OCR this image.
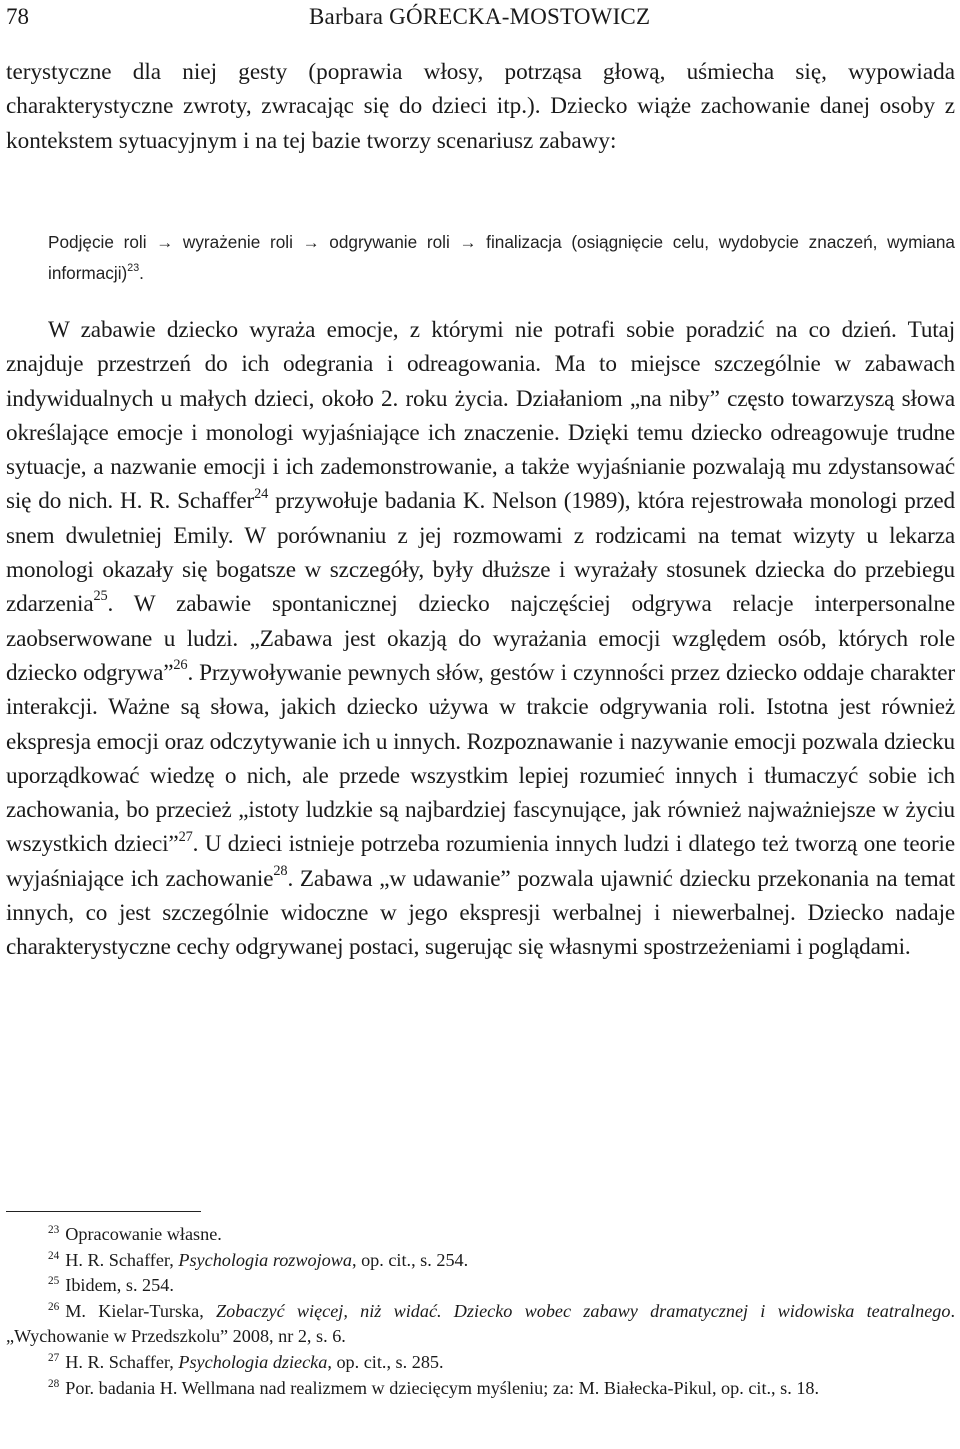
78	Barbara GÓRECKA-MOSTOWICZ

terystyczne dla niej gesty (poprawia włosy, potrząsa głową, uśmiecha się, wypowiada charakterystyczne zwroty, zwracając się do dzieci itp.). Dziecko wiąże zachowanie danej osoby z kontekstem sytuacyjnym i na tej bazie tworzy scenariusz zabawy:

Podjęcie roli → wyrażenie roli → odgrywanie roli → finalizacja (osiągnięcie celu, wydobycie znaczeń, wymiana informacji)$^{23}$.

W zabawie dziecko wyraża emocje, z którymi nie potrafi sobie poradzić na co dzień. Tutaj znajduje przestrzeń do ich odegrania i odreagowania. Ma to miejsce szczególnie w zabawach indywidualnych u małych dzieci, około 2. roku życia. Działaniom „na niby” często towarzyszą słowa określające emocje i monologi wyjaśniające ich znaczenie. Dzięki temu dziecko odreagowuje trudne sytuacje, a nazwanie emocji i ich zademonstrowanie, a także wyjaśnianie pozwalają mu zdystansować się do nich. H. R. Schaffer$^{24}$ przywołuje badania K. Nelson (1989), która rejestrowała monologi przed snem dwuletniej Emily. W porównaniu z jej rozmowami z rodzicami na temat wizyty u lekarza monologi okazały się bogatsze w szczegóły, były dłuższe i wyrażały stosunek dziecka do przebiegu zdarzenia$^{25}$. W zabawie spontanicznej dziecko najczęściej odgrywa relacje interpersonalne zaobserwowane u ludzi. „Zabawa jest okazją do wyrażania emocji względem osób, których role dziecko odgrywa”$^{26}$. Przywoływanie pewnych słów, gestów i czynności przez dziecko oddaje charakter interakcji. Ważne są słowa, jakich dziecko używa w trakcie odgrywania roli. Istotna jest również ekspresja emocji oraz odczytywanie ich u innych. Rozpoznawanie i nazywanie emocji pozwala dziecku uporządkować wiedzę o nich, ale przede wszystkim lepiej rozumieć innych i tłumaczyć sobie ich zachowania, bo przecież „istoty ludzkie są najbardziej fascynujące, jak również najważniejsze w życiu wszystkich dzieci”$^{27}$. U dzieci istnieje potrzeba rozumienia innych ludzi i dlatego też tworzą one teorie wyjaśniające ich zachowanie$^{28}$. Zabawa „w udawanie” pozwala ujawnić dziecku przekonania na temat innych, co jest szczególnie widoczne w jego ekspresji werbalnej i niewerbalnej. Dziecko nadaje charakterystyczne cechy odgrywanej postaci, sugerując się własnymi spostrzeżeniami i poglądami.

$^{23}$ Opracowanie własne.

$^{24}$ H. R. Schaffer, Psychologia rozwojowa, op. cit., s. 254.

$^{25}$ Ibidem, s. 254.

$^{26}$ M. Kielar-Turska, Zobaczyć więcej, niż widać. Dziecko wobec zabawy dramatycznej i widowiska teatralnego. „Wychowanie w Przedszkolu” 2008, nr 2, s. 6.

$^{27}$ H. R. Schaffer, Psychologia dziecka, op. cit., s. 285.

$^{28}$ Por. badania H. Wellmana nad realizmem w dziecięcym myśleniu; za: M. Białecka-Pikul, op. cit., s. 18.
